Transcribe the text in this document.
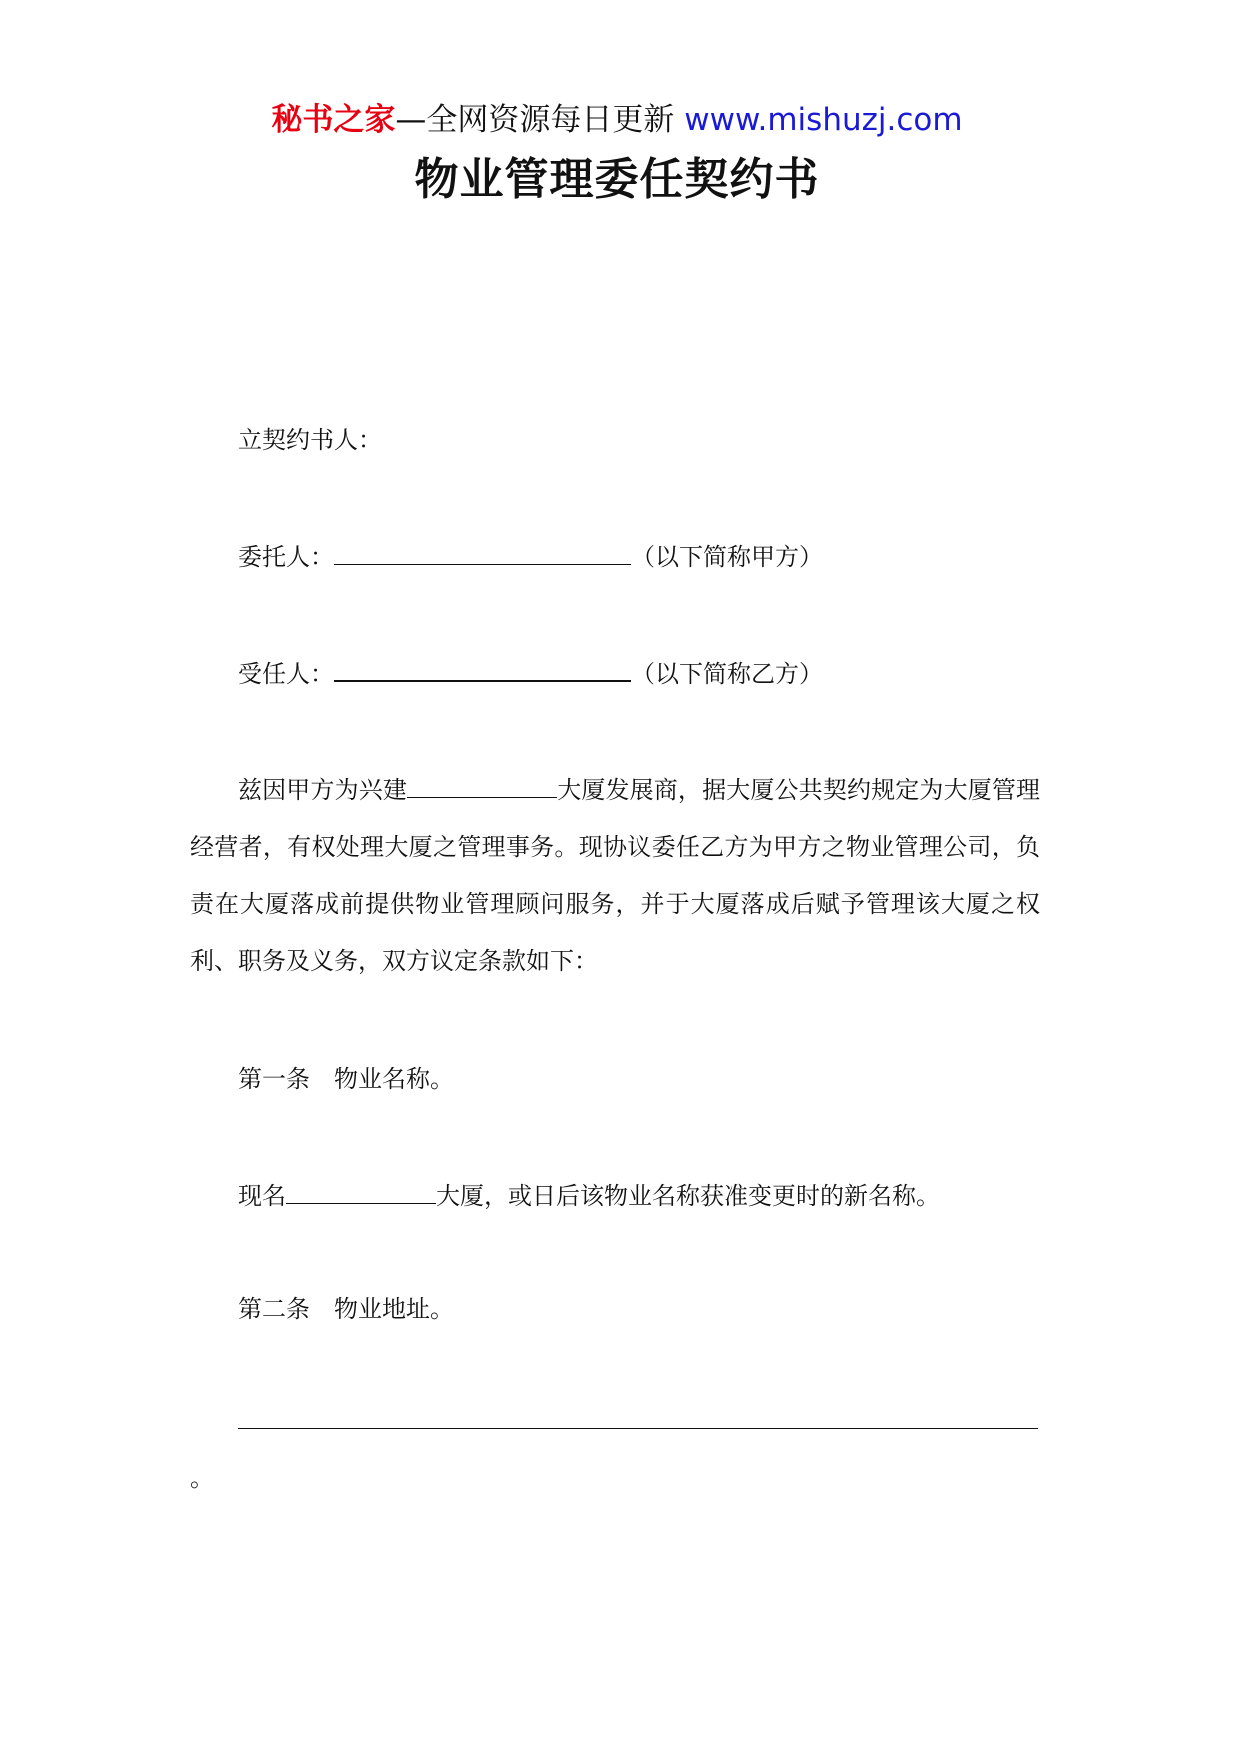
秘书之家—全网资源每日更新 www.mishuzj.com
物业管理委任契约书
立契约书人：
委托人：	（以下简称甲方）
受任人：	（以下简称乙方）
兹因甲方为兴建	大厦发展商，据大厦公共契约规定为大厦管理经营者，有权处理大厦之管理事务。现协议委任乙方为甲方之物业管理公司，负责在大厦落成前提供物业管理顾问服务，并于大厦落成后赋予管理该大厦之权利、职务及义务，双方议定条款如下：
第一条 物业名称。
现名	大厦，或日后该物业名称获准变更时的新名称。
第二条 物业地址。
。
